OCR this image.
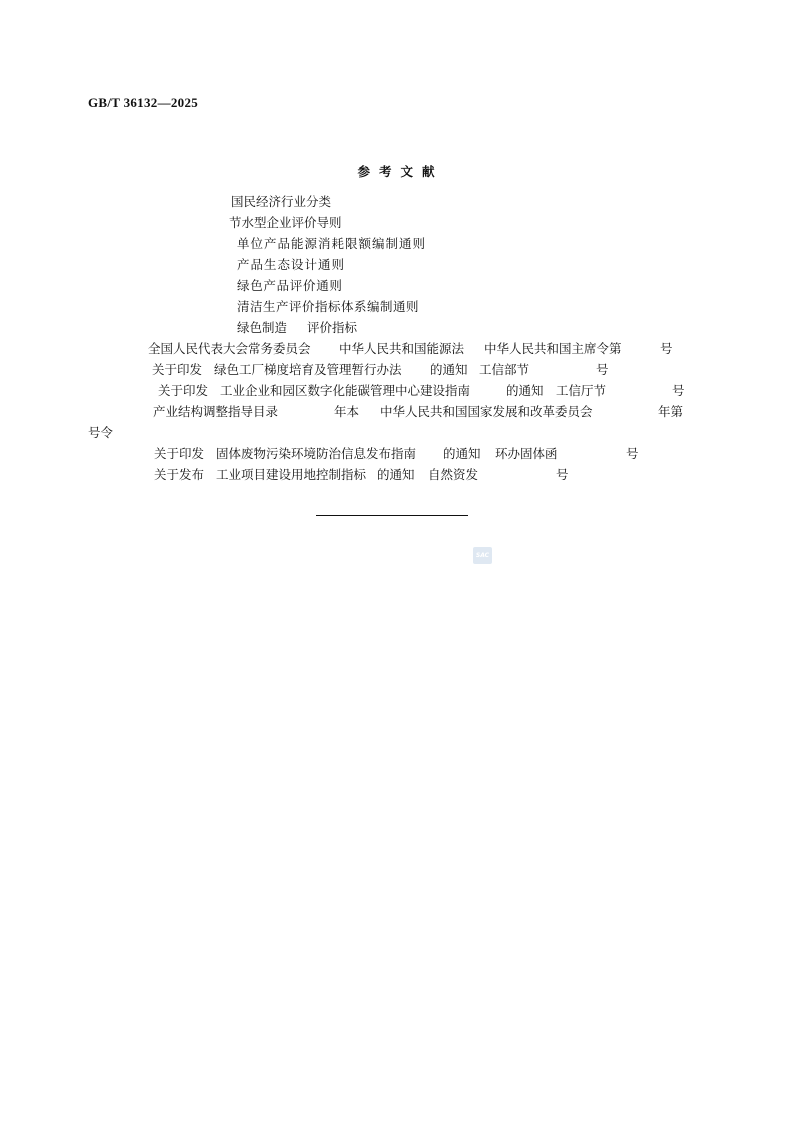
GB/T 36132—2025
参考文献
国民经济行业分类
节水型企业评价导则
单位产品能源消耗限额编制通则
产品生态设计通则
绿色产品评价通则
清洁生产评价指标体系编制通则
绿色制造 评价指标
全国人民代表大会常务委员会 中华人民共和国能源法 中华人民共和国主席令第	号
关于印发 绿色工厂梯度培育及管理暂行办法 的通知 工信部节	号
关于印发 工业企业和园区数字化能碳管理中心建设指南	的通知 工信厅节	号
产业结构调整指导目录	年本 中华人民共和国国家发展和改革委员会	年第
号令
关于印发 固体废物污染环境防治信息发布指南 的通知 环办固体函	号
关于发布 工业项目建设用地控制指标 的通知 自然资发	号
SAC
